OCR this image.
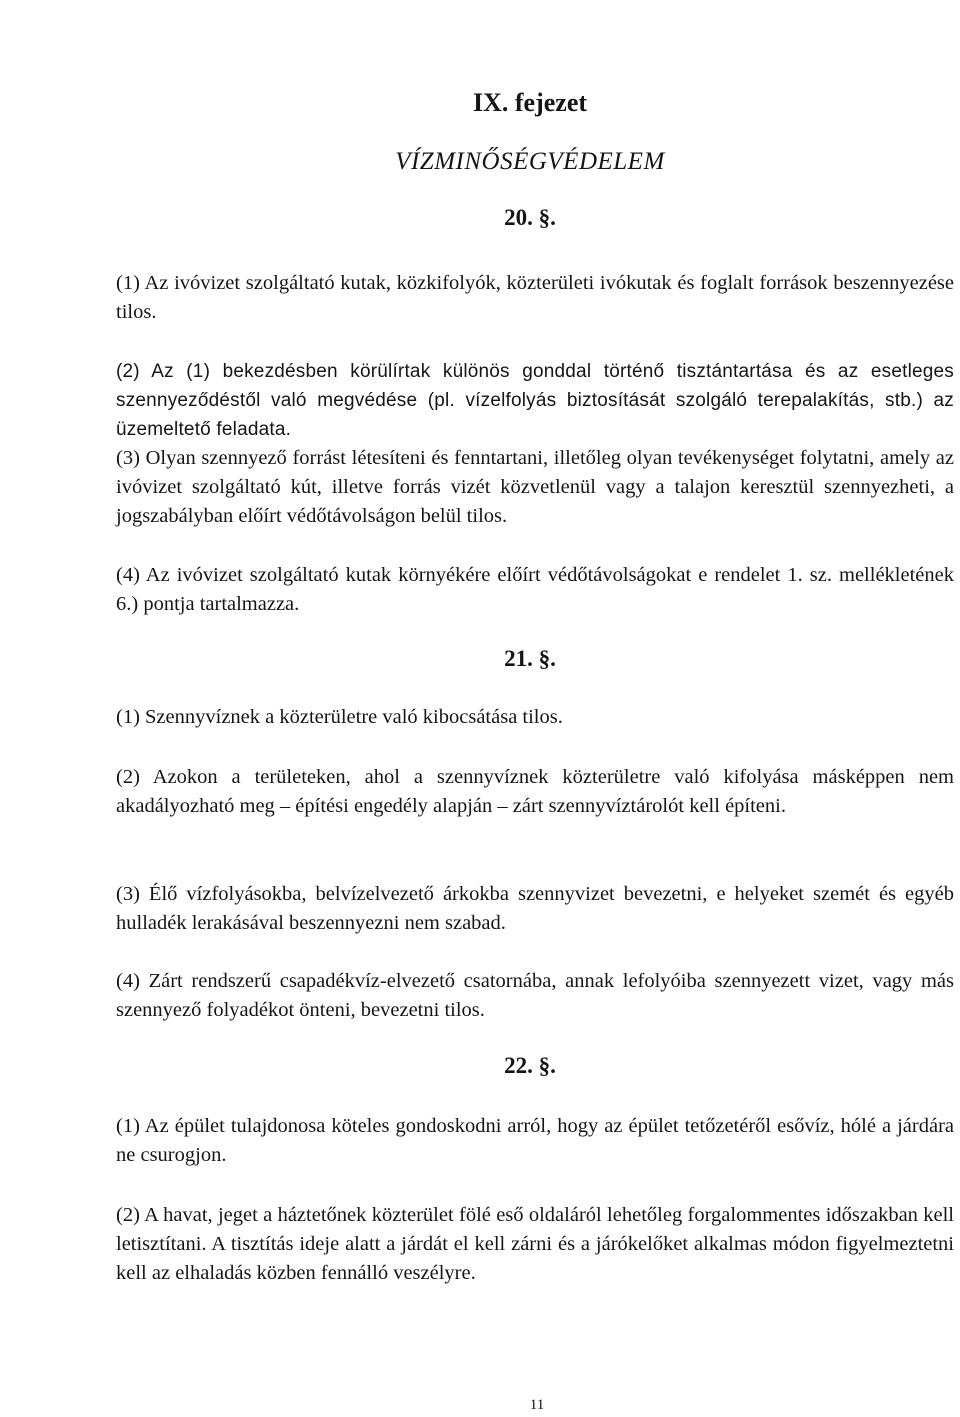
IX. fejezet
VÍZMINŐSÉGVÉDELEM
20. §.

(1) Az ivóvizet szolgáltató kutak, közkifolyók, közterületi ivókutak és foglalt források beszennyezése tilos.

(2) Az (1) bekezdésben körülírtak különös gonddal történő tisztántartása és az esetleges szennyeződéstől való megvédése (pl. vízelfolyás biztosítását szolgáló terepalakítás, stb.) az üzemeltető feladata.

(3) Olyan szennyező forrást létesíteni és fenntartani, illetőleg olyan tevékenységet folytatni, amely az ivóvizet szolgáltató kút, illetve forrás vizét közvetlenül vagy a talajon keresztül szennyezheti, a jogszabályban előírt védőtávolságon belül tilos.

(4) Az ivóvizet szolgáltató kutak környékére előírt védőtávolságokat e rendelet 1. sz. mellékletének 6.) pontja tartalmazza.

21. §.

(1) Szennyvíznek a közterületre való kibocsátása tilos.

(2) Azokon a területeken, ahol a szennyvíznek közterületre való kifolyása másképpen nem akadályozható meg – építési engedély alapján – zárt szennyvíztárolót kell építeni.

(3) Élő vízfolyásokba, belvízelvezető árkokba szennyvizet bevezetni, e helyeket szemét és egyéb hulladék lerakásával beszennyezni nem szabad.

(4) Zárt rendszerű csapadékvíz-elvezető csatornába, annak lefolyóiba szennyezett vizet, vagy más szennyező folyadékot önteni, bevezetni tilos.

22. §.

(1) Az épület tulajdonosa köteles gondoskodni arról, hogy az épület tetőzetéről esővíz, hólé a járdára ne csurogjon.

(2) A havat, jeget a háztetőnek közterület fölé eső oldaláról lehetőleg forgalommentes időszakban kell letisztítani. A tisztítás ideje alatt a járdát el kell zárni és a járókelőket alkalmas módon figyelmeztetni kell az elhaladás közben fennálló veszélyre.

11
